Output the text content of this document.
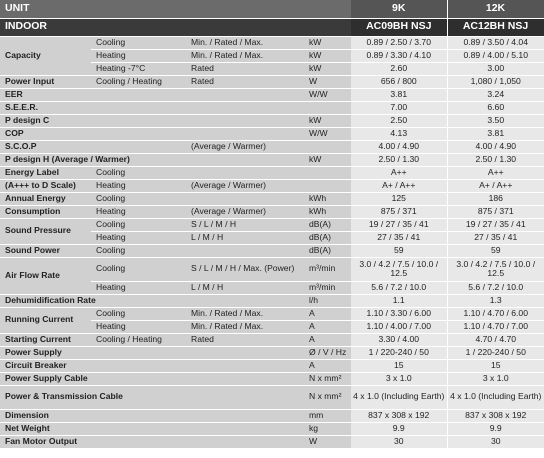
UNIT				9K	12K
INDOOR				AC09BH NSJ	AC12BH NSJ
Capacity	Cooling	Min. / Rated / Max.	kW	0.89 / 2.50 / 3.70	0.89 / 3.50 / 4.04
	Heating	Min. / Rated / Max.	kW	0.89 / 3.30 / 4.10	0.89 / 4.00 / 5.10
	Heating -7°C	Rated	kW	2.60	3.00
Power Input	Cooling / Heating	Rated	W	656 / 800	1,080 / 1,050
EER			W/W	3.81	3.24
S.E.E.R.				7.00	6.60
P design C			kW	2.50	3.50
COP			W/W	4.13	3.81
S.C.O.P		(Average / Warmer)		4.00 / 4.90	4.00 / 4.90
P design H (Average / Warmer)			kW	2.50 / 1.30	2.50 / 1.30
Energy Label	Cooling			A++	A++
(A+++ to D Scale)	Heating	(Average / Warmer)		A+ / A++	A+ / A++
Annual Energy	Cooling		kWh	125	186
Consumption	Heating	(Average / Warmer)	kWh	875 / 371	875 / 371
Sound Pressure	Cooling	S / L / M / H	dB(A)	19 / 27 / 35 / 41	19 / 27 / 35 / 41
	Heating	L / M / H	dB(A)	27 / 35 / 41	27 / 35 / 41
Sound Power	Cooling		dB(A)	59	59
Air Flow Rate	Cooling	S / L / M / H / Max. (Power)	m³/min	3.0 / 4.2 / 7.5 / 10.0 / 12.5	3.0 / 4.2 / 7.5 / 10.0 / 12.5
	Heating	L / M / H	m³/min	5.6 / 7.2 / 10.0	5.6 / 7.2 / 10.0
Dehumidification Rate			l/h	1.1	1.3
Running Current	Cooling	Min. / Rated / Max.	A	1.10 / 3.30 / 6.00	1.10 / 4.70 / 6.00
	Heating	Min. / Rated / Max.	A	1.10 / 4.00 / 7.00	1.10 / 4.70 / 7.00
Starting Current	Cooling / Heating	Rated	A	3.30 / 4.00	4.70 / 4.70
Power Supply			Ø / V / Hz	1 / 220-240 / 50	1 / 220-240 / 50
Circuit Breaker			A	15	15
Power Supply Cable			N x mm²	3 x 1.0	3 x 1.0
Power & Transmission Cable			N x mm²	4 x 1.0 (Including Earth)	4 x 1.0 (Including Earth)
Dimension			mm	837 x 308 x 192	837 x 308 x 192
Net Weight			kg	9.9	9.9
Fan Motor Output			W	30	30
